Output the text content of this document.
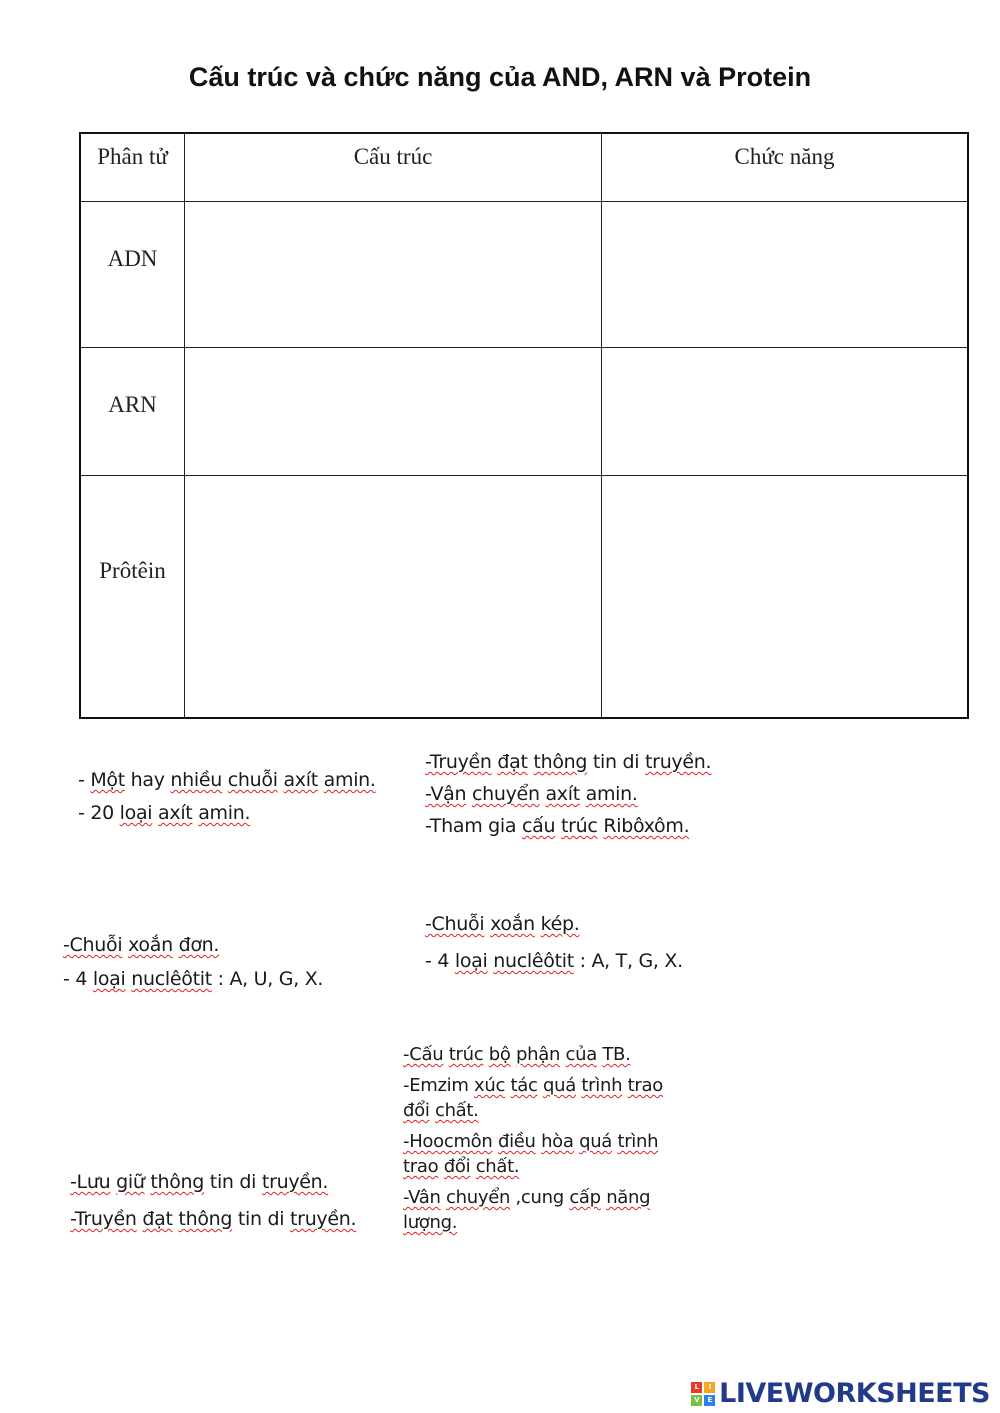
Cấu trúc và chức năng của AND, ARN và Protein
Phân tử	Cấu trúc	Chức năng
ADN
ARN
Prôtêin

- Một hay nhiều chuỗi axít amin.

- 20 loại axít amin.

-Truyền đạt thông tin di truyền.

-Vận chuyển axít amin.

-Tham gia cấu trúc Ribôxôm.

-Chuỗi xoắn đơn.

- 4 loại nuclêôtit : A, U, G, X.

-Chuỗi xoắn kép.

- 4 loại nuclêôtit : A, T, G, X.

-Cấu trúc bộ phận của TB.

-Emzim xúc tác quá trình trao

đổi chất.

-Hoocmôn điều hòa quá trình

trao đổi chất.

-Vân chuyển ,cung cấp năng

lượng.

-Lưu giữ thông tin di truyền.

-Truyền đạt thông tin di truyền.

L	I
V	E LIVEWORKSHEETS
